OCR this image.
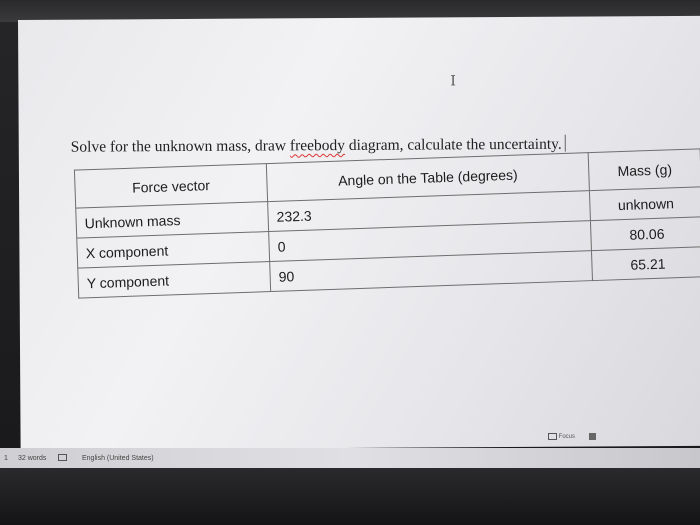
I
Solve for the unknown mass, draw freebody diagram, calculate the uncertainty.
Force vector	Angle on the Table (degrees)	Mass (g)
Unknown mass	232.3	unknown
X component	0	80.06
Y component	90	65.21
Focus
1 32 words	English (United States)
